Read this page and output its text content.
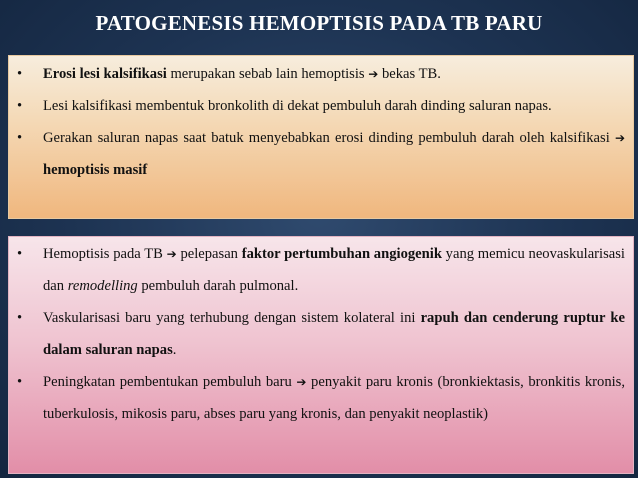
PATOGENESIS HEMOPTISIS PADA TB PARU
• Erosi lesi kalsifikasi merupakan sebab lain hemoptisis ➔ bekas TB.
• Lesi kalsifikasi membentuk bronkolith di dekat pembuluh darah dinding saluran napas.
• Gerakan saluran napas saat batuk menyebabkan erosi dinding pembuluh darah oleh kalsifikasi ➔ hemoptisis masif
• Hemoptisis pada TB ➔ pelepasan faktor pertumbuhan angiogenik yang memicu neovaskularisasi dan remodelling pembuluh darah pulmonal.
• Vaskularisasi baru yang terhubung dengan sistem kolateral ini rapuh dan cenderung ruptur ke dalam saluran napas.
• Peningkatan pembentukan pembuluh baru ➔ penyakit paru kronis (bronkiektasis, bronkitis kronis, tuberkulosis, mikosis paru, abses paru yang kronis, dan penyakit neoplastik)
